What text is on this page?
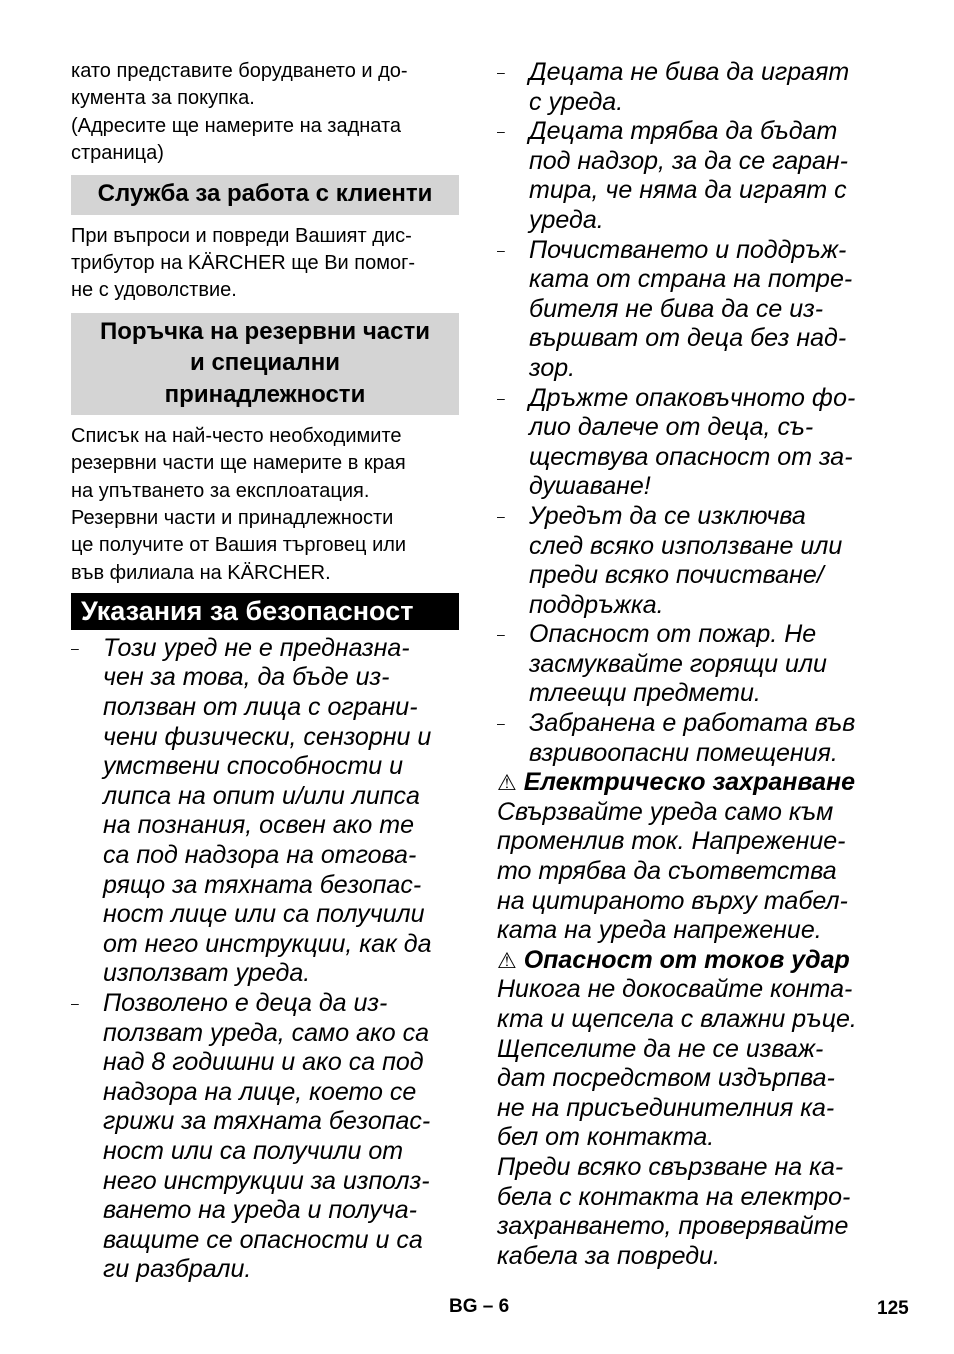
като представите борудването и до-
кумента за покупка.
(Адресите ще намерите на задната
страница)
Служба за работа с клиенти
При въпроси и повреди Вашият дис-
трибутор на KÄRCHER ще Ви помог-
не с удоволствие.
Поръчка на резервни части
и специални
принадлежности
Списък на най-често необходимите
резервни части ще намерите в края
на упътването за експлоатация.
Резервни части и принадлежности
це получите от Вашия търговец или
във филиала на KÄRCHER.
Указания за безопасност
– Този уред не е предназна-
чен за това, да бъде из-
ползван от лица с ограни-
чени физически, сензорни и
умствени способности и
липса на опит и/или липса
на познания, освен ако те
са под надзора на отгова-
рящо за тяхната безопас-
ност лице или са получили
от него инструкции, как да
използват уреда.
– Позволено е деца да из-
ползват уреда, само ако са
над 8 годишни и ако са под
надзора на лице, което се
грижи за тяхната безопас-
ност или са получили от
него инструкции за използ-
ването на уреда и получа-
ващите се опасности и са
ги разбрали.
– Децата не бива да играят
с уреда.
– Децата трябва да бъдат
под надзор, за да се гаран-
тира, че няма да играят с
уреда.
– Почистването и поддръж-
ката от страна на потре-
бителя не бива да се из-
вършват от деца без над-
зор.
– Дръжте опаковъчното фо-
лио далече от деца, съ-
ществува опасност от за-
душаване!
– Уредът да се изключва
след всяко използване или
преди всяко почистване/
поддръжка.
– Опасност от пожар. Не
засмуквайте горящи или
тлеещи предмети.
– Забранена е работата във
взривоопасни помещения.

⚠ Електрическо захранване

Свързвайте уреда само към
променлив ток. Напрежение-
то трябва да съответства
на цитираното върху табел-
ката на уреда напрежение.

⚠ Опасност от токов удар

Никога не докосвайте конта-
кта и щепсела с влажни ръце.
Щепселите да не се изваж-
дат посредством издърпва-
не на присъединителния ка-
бел от контакта.
Преди всяко свързване на ка-
бела с контакта на електро-
захранването, проверявайте
кабела за повреди.
BG – 6	125
